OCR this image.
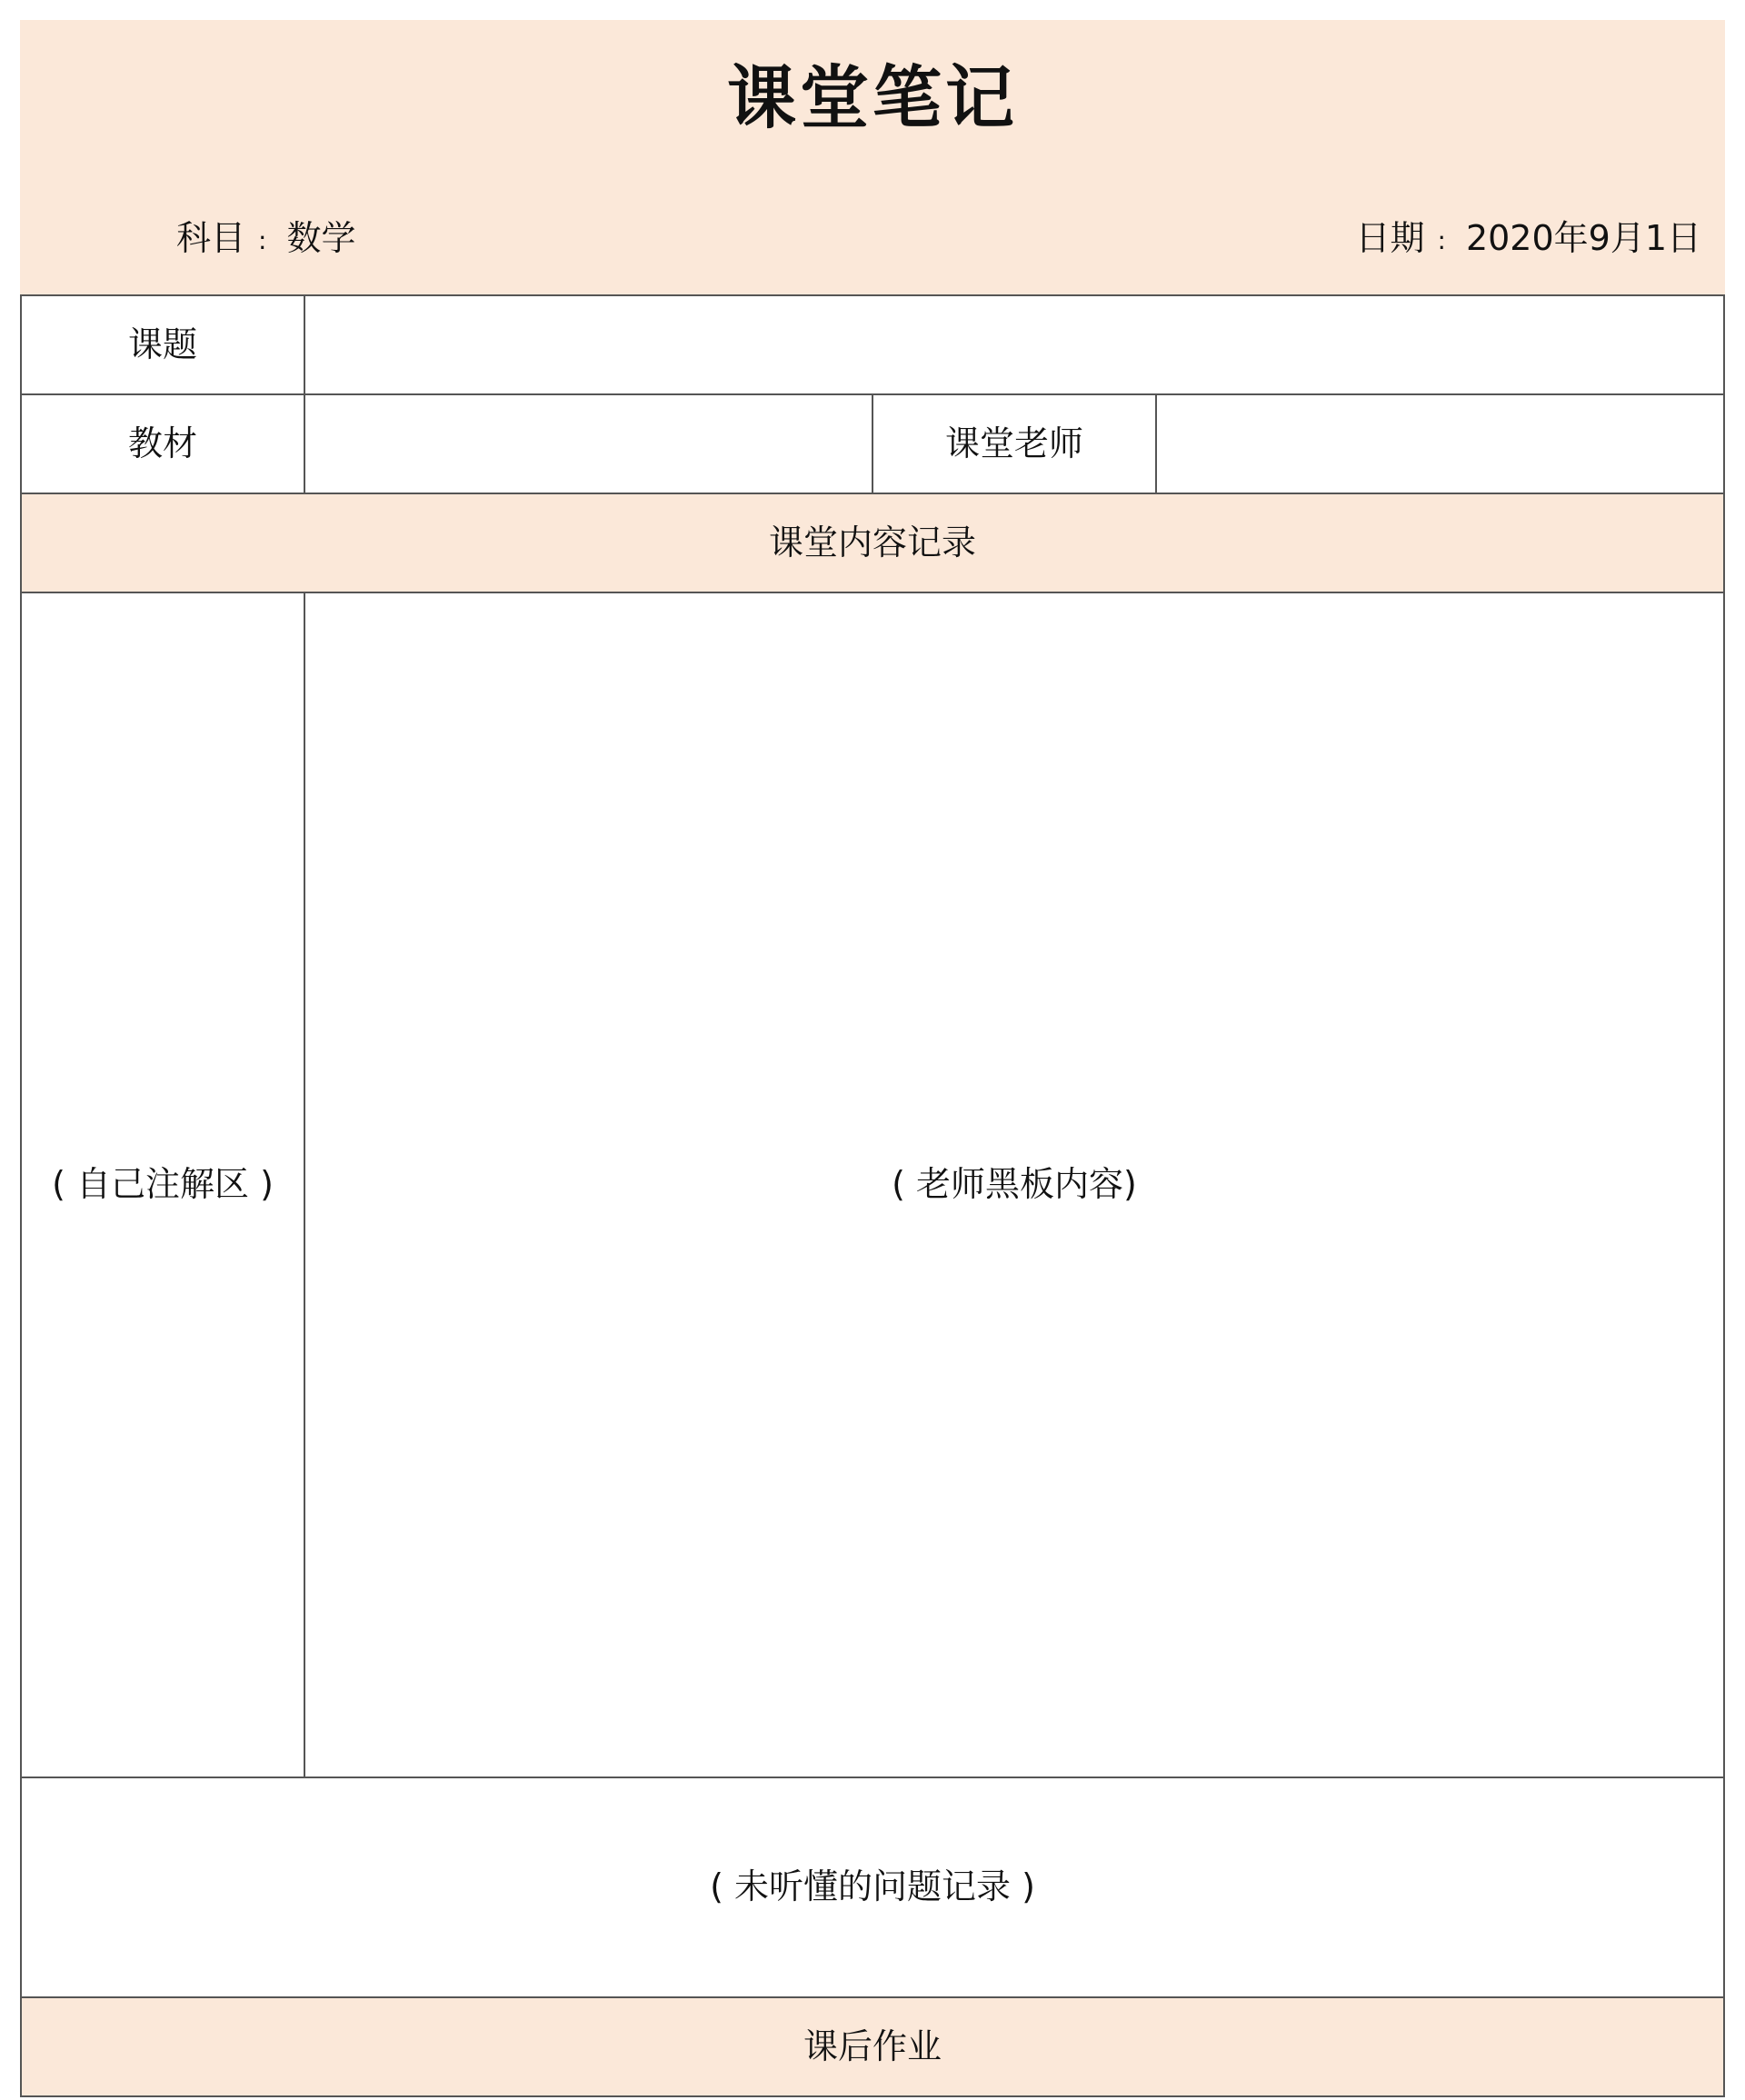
课堂笔记
科目 : 数学	日期 : 2020年9月1日
课题
教材	课堂老师
课堂内容记录
( 自己注解区 )	( 老师黑板内容)
( 未听懂的问题记录 )
课后作业
